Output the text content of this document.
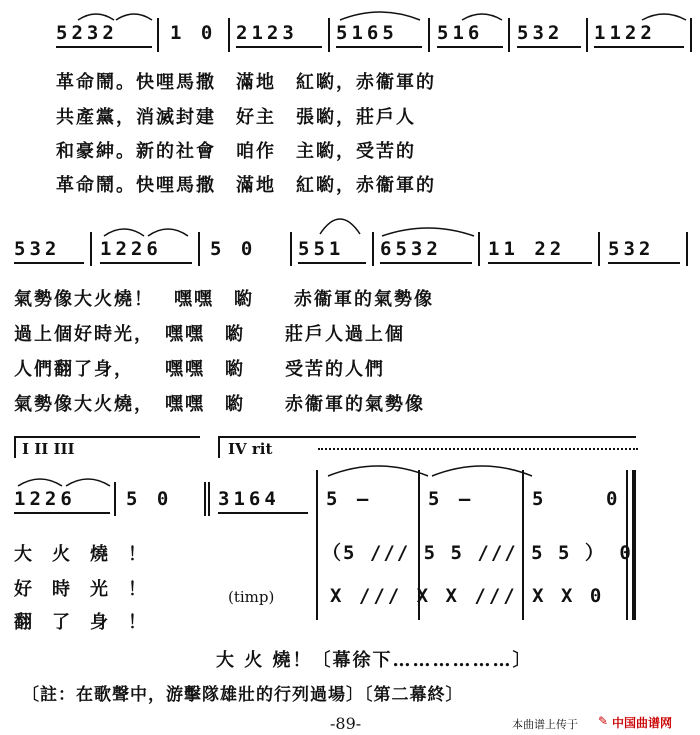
5232	1 0 2123 5165 516 532 1122
革命鬧。快哩馬撒　滿地　紅喲，赤衞軍的
共產黨，消滅封建　好主　張喲，莊戶人
和豪紳。新的社會　咱作　主喲，受苦的
革命鬧。快哩馬撒　滿地　紅喲，赤衞軍的
532 1226	5 0 551 6532 11 22 532
氣勢像大火燒！　嘿嘿　喲　　赤衞軍的氣勢像
過上個好時光，　嘿嘿　喲　　莊戶人過上個
人們翻了身，　　嘿嘿　喲　　受苦的人們
氣勢像大火燒，　嘿嘿　喲　　赤衞軍的氣勢像
I II III	IV rit
1226	5 0 3164 5 —	5 —	5	0
（5 /// 5 5 /// 5 5 ） 0
(timp)	X /// X X /// X X 0
大火燒！
好時光！
翻了身！
大 火 燒！〔幕徐下………………〕
〔註：在歌聲中，游擊隊雄壯的行列過場〕〔第二幕終〕
-89-	本曲谱上传于 ✎ 中国曲谱网
